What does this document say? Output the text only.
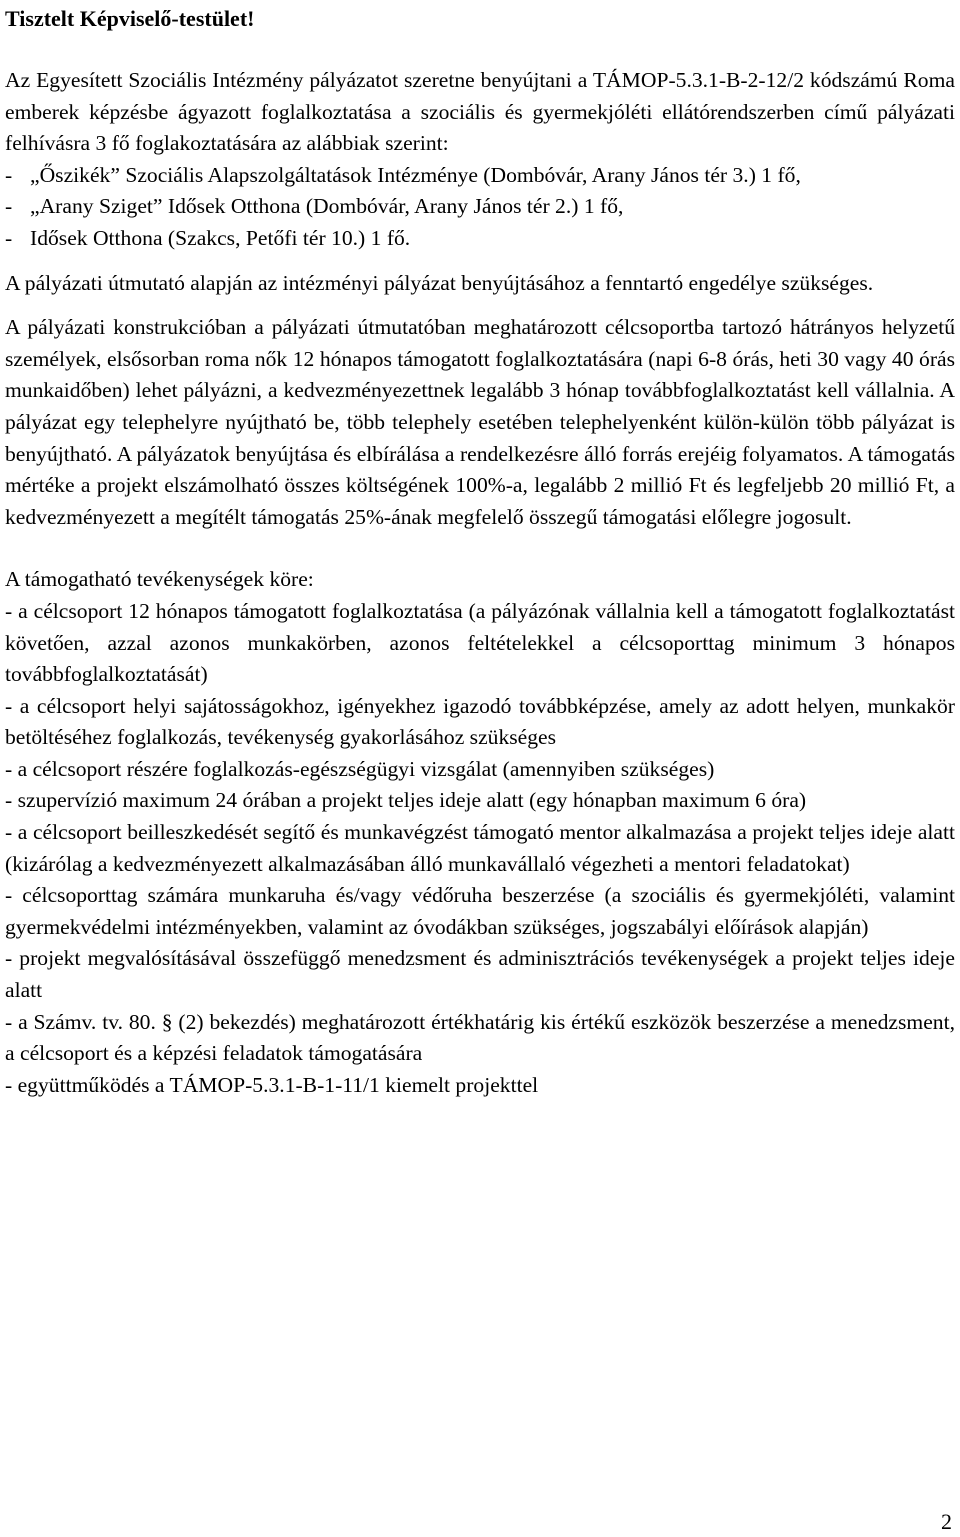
Tisztelt Képviselő-testület!

Az Egyesített Szociális Intézmény pályázatot szeretne benyújtani a TÁMOP-5.3.1-B-2-12/2 kódszámú Roma emberek képzésbe ágyazott foglalkoztatása a szociális és gyermekjóléti ellátórendszerben című pályázati felhívásra 3 fő foglakoztatására az alábbiak szerint:

- „Őszikék” Szociális Alapszolgáltatások Intézménye (Dombóvár, Arany János tér 3.) 1 fő,
- „Arany Sziget” Idősek Otthona (Dombóvár, Arany János tér 2.) 1 fő,
- Idősek Otthona (Szakcs, Petőfi tér 10.) 1 fő.

A pályázati útmutató alapján az intézményi pályázat benyújtásához a fenntartó engedélye szükséges.

A pályázati konstrukcióban a pályázati útmutatóban meghatározott célcsoportba tartozó hátrányos helyzetű személyek, elsősorban roma nők 12 hónapos támogatott foglalkoztatására (napi 6-8 órás, heti 30 vagy 40 órás munkaidőben) lehet pályázni, a kedvezményezettnek legalább 3 hónap továbbfoglalkoztatást kell vállalnia. A pályázat egy telephelyre nyújtható be, több telephely esetében telephelyenként külön-külön több pályázat is benyújtható. A pályázatok benyújtása és elbírálása a rendelkezésre álló forrás erejéig folyamatos. A támogatás mértéke a projekt elszámolható összes költségének 100%-a, legalább 2 millió Ft és legfeljebb 20 millió Ft, a kedvezményezett a megítélt támogatás 25%-ának megfelelő összegű támogatási előlegre jogosult.

A támogatható tevékenységek köre:

- a célcsoport 12 hónapos támogatott foglalkoztatása (a pályázónak vállalnia kell a támogatott foglalkoztatást követően, azzal azonos munkakörben, azonos feltételekkel a célcsoporttag minimum 3 hónapos továbbfoglalkoztatását)

- a célcsoport helyi sajátosságokhoz, igényekhez igazodó továbbképzése, amely az adott helyen, munkakör betöltéséhez foglalkozás, tevékenység gyakorlásához szükséges

- a célcsoport részére foglalkozás-egészségügyi vizsgálat (amennyiben szükséges)

- szupervízió maximum 24 órában a projekt teljes ideje alatt (egy hónapban maximum 6 óra)

- a célcsoport beilleszkedését segítő és munkavégzést támogató mentor alkalmazása a projekt teljes ideje alatt (kizárólag a kedvezményezett alkalmazásában álló munkavállaló végezheti a mentori feladatokat)

- célcsoporttag számára munkaruha és/vagy védőruha beszerzése (a szociális és gyermekjóléti, valamint gyermekvédelmi intézményekben, valamint az óvodákban szükséges, jogszabályi előírások alapján)

- projekt megvalósításával összefüggő menedzsment és adminisztrációs tevékenységek a projekt teljes ideje alatt

- a Számv. tv. 80. § (2) bekezdés) meghatározott értékhatárig kis értékű eszközök beszerzése a menedzsment, a célcsoport és a képzési feladatok támogatására

- együttműködés a TÁMOP-5.3.1-B-1-11/1 kiemelt projekttel

2
